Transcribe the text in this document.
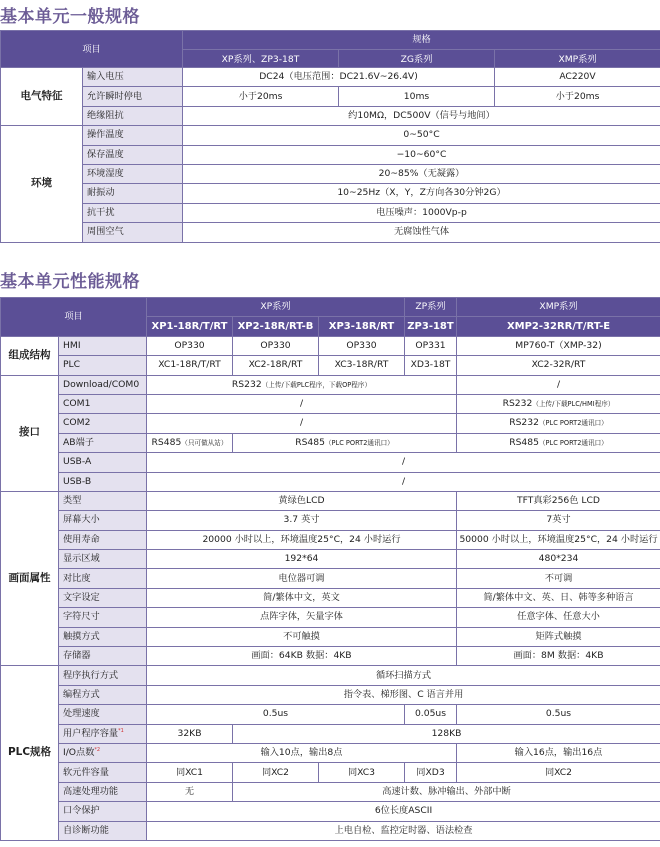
基本单元一般规格
项目	规格		
	XP系列、ZP3-18T	ZG系列	XMP系列
电气特征	输入电压	DC24（电压范围：DC21.6V~26.4V)		AC220V
	允许瞬时停电	小于20ms	10ms	小于20ms
	绝缘阻抗	约10MΩ，DC500V（信号与地间）		
环境	操作温度	0~50°C		
	保存温度	−10~60°C		
	环境湿度	20~85%（无凝露）		
	耐振动	10~25Hz（X，Y，Z方向各30分钟2G）		
	抗干扰	电压噪声：1000Vp-p		
	周围空气	无腐蚀性气体		
基本单元性能规格
项目		XP系列			ZP系列	XMP系列
		XP1-18R/T/RT	XP2-18R/RT-B	XP3-18R/RT	ZP3-18T	XMP2-32RR/T/RT-E
组成结构	HMI	OP330	OP330	OP330	OP331	MP760-T（XMP-32)
	PLC	XC1-18R/T/RT	XC2-18R/RT	XC3-18R/RT	XD3-18T	XC2-32R/RT
接口	Download/COM0	RS232（上传/下载PLC程序，下载OP程序）				/
	COM1	/				RS232（上传/下载PLC/HMI程序）
	COM2	/				RS232（PLC PORT2通讯口）
	AB端子	RS485（只可做从站）	RS485（PLC PORT2通讯口）			RS485（PLC PORT2通讯口）
	USB-A	/				
	USB-B	/				
画面属性	类型	黄绿色LCD				TFT真彩256色 LCD
	屏幕大小	3.7 英寸				7英寸
	使用寿命	20000 小时以上，环境温度25°C，24 小时运行				50000 小时以上，环境温度25°C，24 小时运行
	显示区域	192*64				480*234
	对比度	电位器可调				不可调
	文字设定	简/繁体中文，英文				简/繁体中文、英、日、韩等多种语言
	字符尺寸	点阵字体，矢量字体				任意字体、任意大小
	触摸方式	不可触摸				矩阵式触摸
	存储器	画面：64KB 数据：4KB				画面：8M 数据：4KB
PLC规格	程序执行方式	循环扫描方式				
	编程方式	指令表、梯形图、C 语言并用				
	处理速度	0.5us			0.05us	0.5us
	用户程序容量$^{*1}$	32KB	128KB			
	I/O点数$^{*2}$	输入10点，输出8点				输入16点，输出16点
	软元件容量	同XC1	同XC2	同XC3	同XD3	同XC2
	高速处理功能	无	高速计数、脉冲输出、外部中断			
	口令保护	6位长度ASCII				
	自诊断功能	上电自检、监控定时器、语法检查				
